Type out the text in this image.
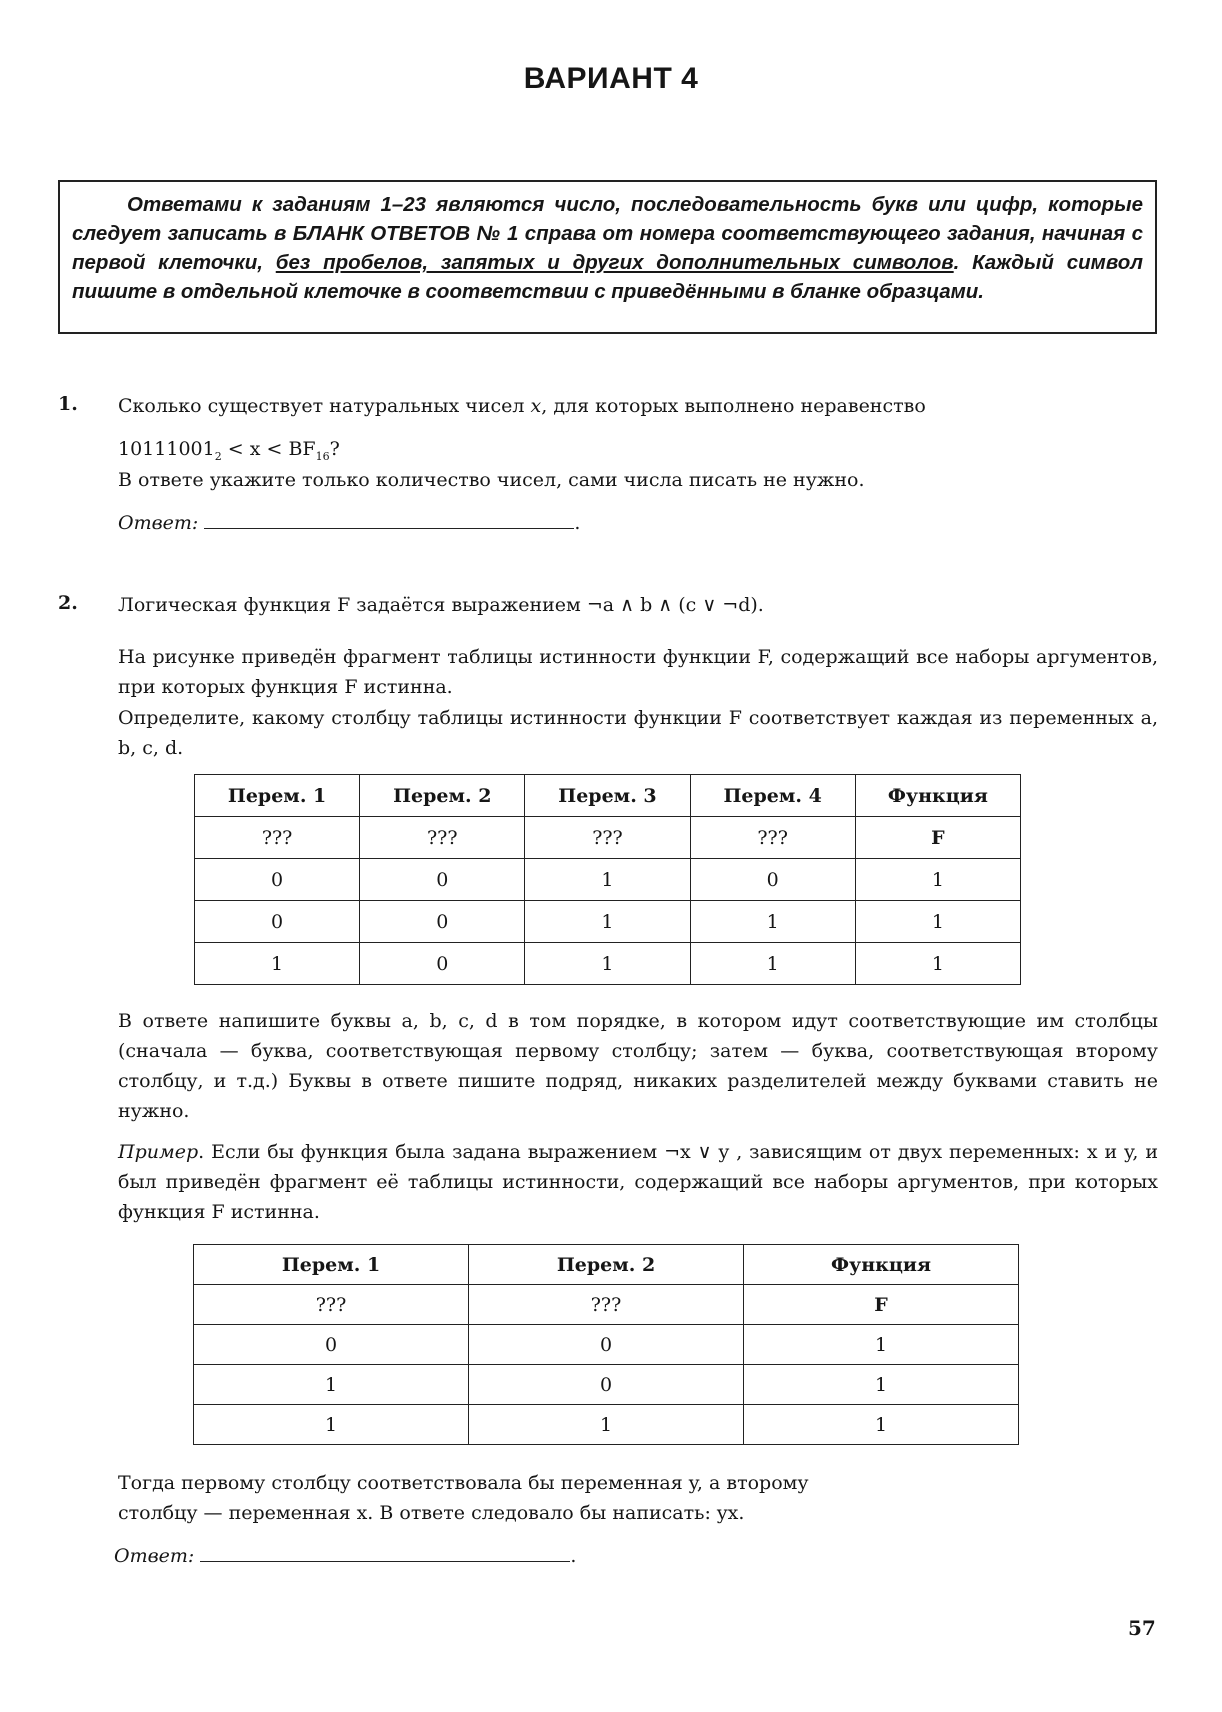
ВАРИАНТ 4
Ответами к заданиям 1–23 являются число, последовательность букв или цифр, которые следует записать в БЛАНК ОТВЕТОВ № 1 справа от номера соответствующего задания, начиная с первой клеточки, без пробелов, запятых и других дополнительных символов. Каждый символ пишите в отдельной клеточке в соответствии с приведёнными в бланке образцами.
1. Сколько существует натуральных чисел x, для которых выполнено неравенство
$10111001_2 < x < BF_{16}$?
В ответе укажите только количество чисел, сами числа писать не нужно.
Ответ:	.
2. Логическая функция F задаётся выражением ¬a ∧ b ∧ (c ∨ ¬d).
На рисунке приведён фрагмент таблицы истинности функции F, содержащий все наборы аргументов, при которых функция F истинна.
Определите, какому столбцу таблицы истинности функции F соответствует каждая из переменных a, b, c, d.
Перем. 1	Перем. 2	Перем. 3	Перем. 4	Функция
???	???	???	???	F
0	0	1	0	1
0	0	1	1	1
1	0	1	1	1
В ответе напишите буквы a, b, c, d в том порядке, в котором идут соответствующие им столбцы (сначала — буква, соответствующая первому столбцу; затем — буква, соответствующая второму столбцу, и т.д.) Буквы в ответе пишите подряд, никаких разделителей между буквами ставить не нужно.
Пример. Если бы функция была задана выражением ¬x ∨ y , зависящим от двух переменных: x и y, и был приведён фрагмент её таблицы истинности, содержащий все наборы аргументов, при которых функция F истинна.
Перем. 1	Перем. 2	Функция
???	???	F
0	0	1
1	0	1
1	1	1
Тогда первому столбцу соответствовала бы переменная y, а второму
столбцу — переменная x. В ответе следовало бы написать: yx.
Ответ:	.
57
